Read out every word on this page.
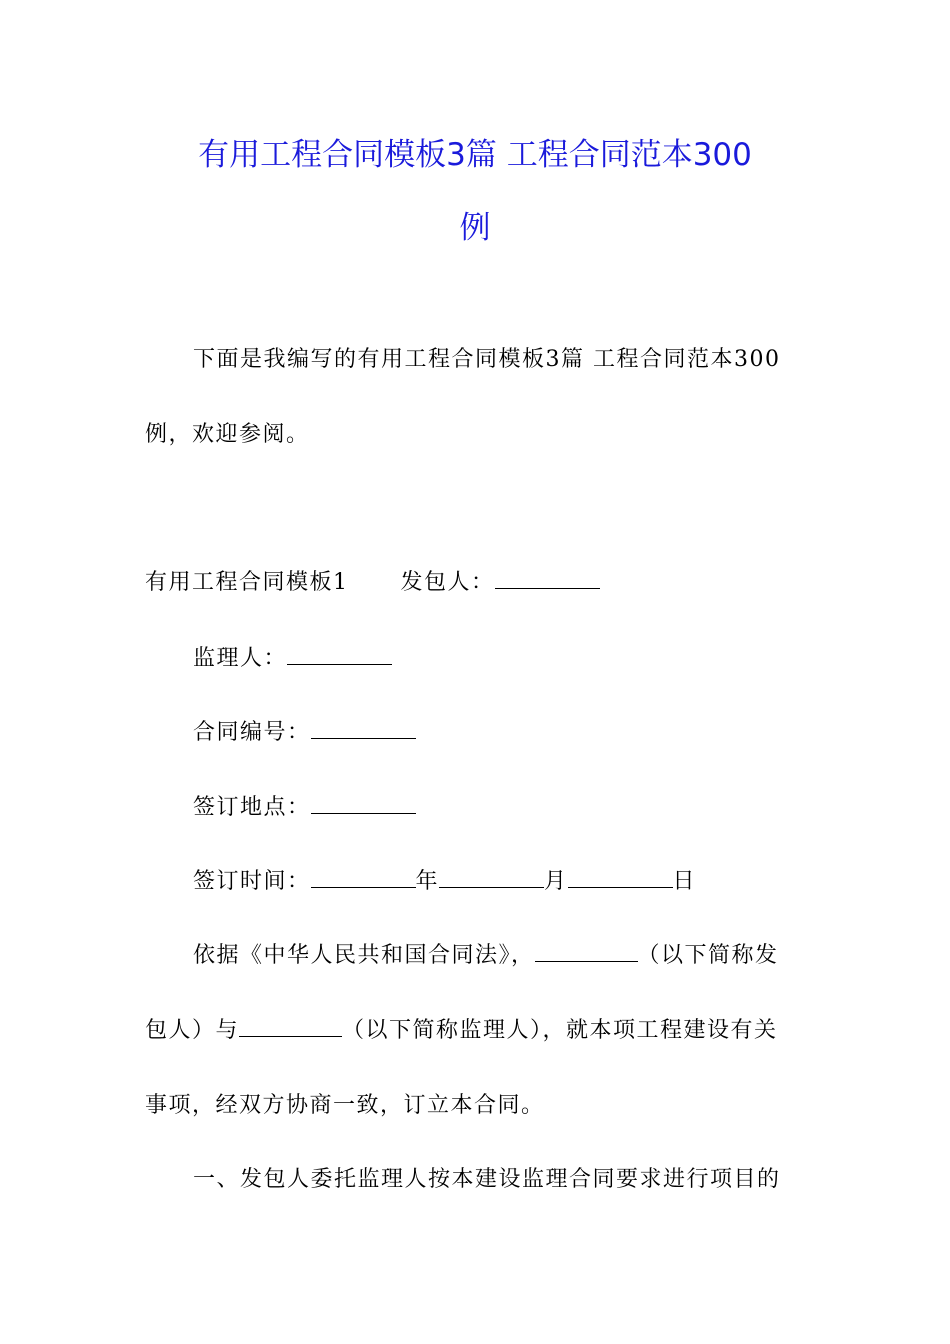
有用工程合同模板3篇 工程合同范本300
例
下面是我编写的有用工程合同模板3篇 工程合同范本300
例，欢迎参阅。
有用工程合同模板1 发包人：
监理人：
合同编号：
签订地点：
签订时间：	年	月	日
依据《中华人民共和国合同法》，	（以下简称发
包人）与	（以下简称监理人），就本项工程建设有关
事项，经双方协商一致，订立本合同。
一、发包人委托监理人按本建设监理合同要求进行项目的
